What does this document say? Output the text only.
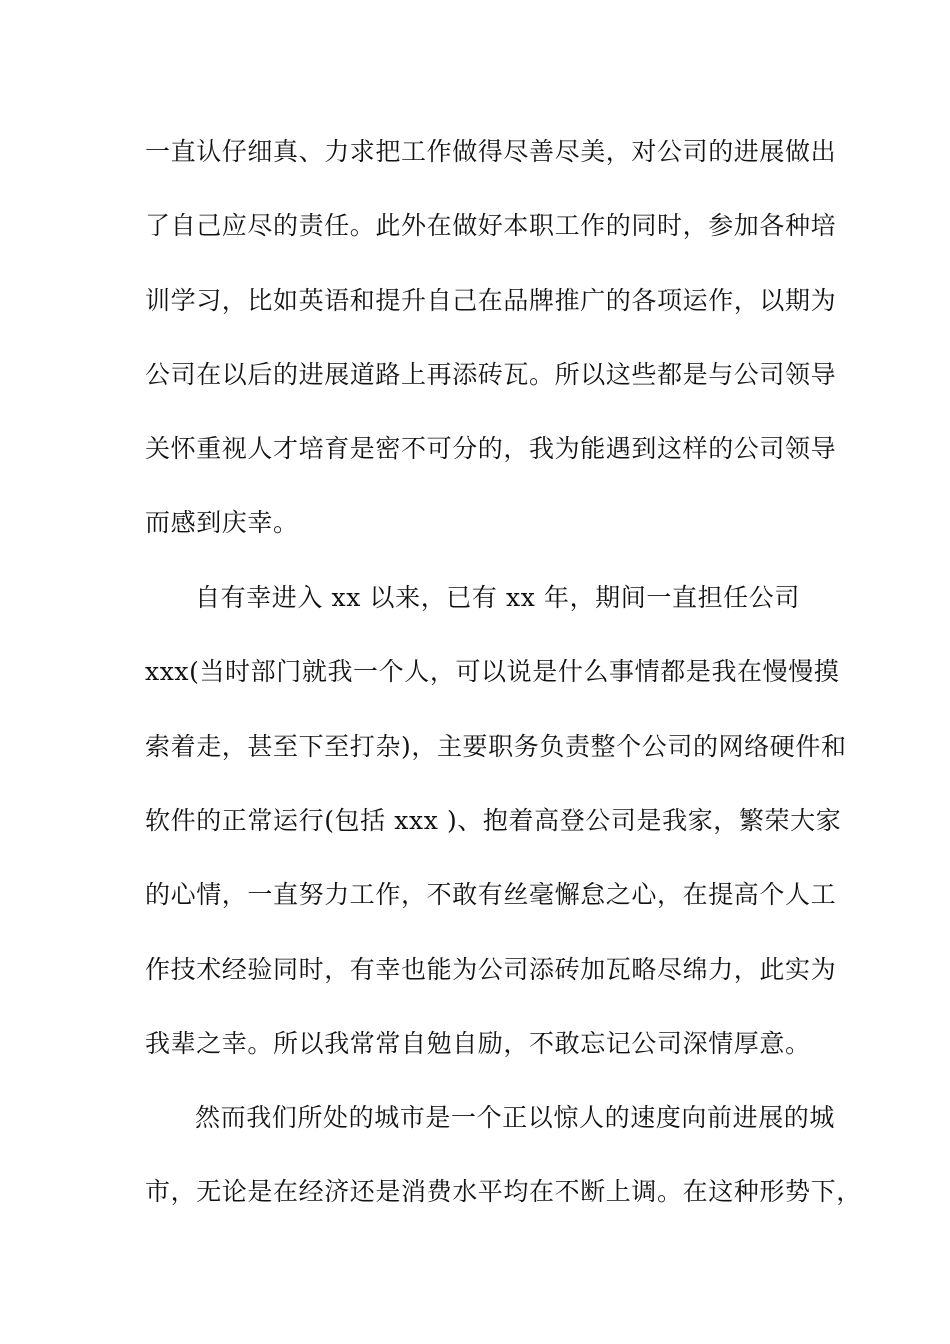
一直认仔细真、力求把工作做得尽善尽美，对公司的进展做出
了自己应尽的责任。此外在做好本职工作的同时，参加各种培
训学习，比如英语和提升自己在品牌推广的各项运作，以期为
公司在以后的进展道路上再添砖瓦。所以这些都是与公司领导
关怀重视人才培育是密不可分的，我为能遇到这样的公司领导
而感到庆幸。
自有幸进入 xx 以来，已有 xx 年，期间一直担任公司
xxx(当时部门就我一个人，可以说是什么事情都是我在慢慢摸
索着走，甚至下至打杂)，主要职务负责整个公司的网络硬件和
软件的正常运行(包括 xxx )、抱着高登公司是我家，繁荣大家
的心情，一直努力工作，不敢有丝毫懈怠之心，在提高个人工
作技术经验同时，有幸也能为公司添砖加瓦略尽绵力，此实为
我辈之幸。所以我常常自勉自励，不敢忘记公司深情厚意。
然而我们所处的城市是一个正以惊人的速度向前进展的城
市，无论是在经济还是消费水平均在不断上调。在这种形势下，
